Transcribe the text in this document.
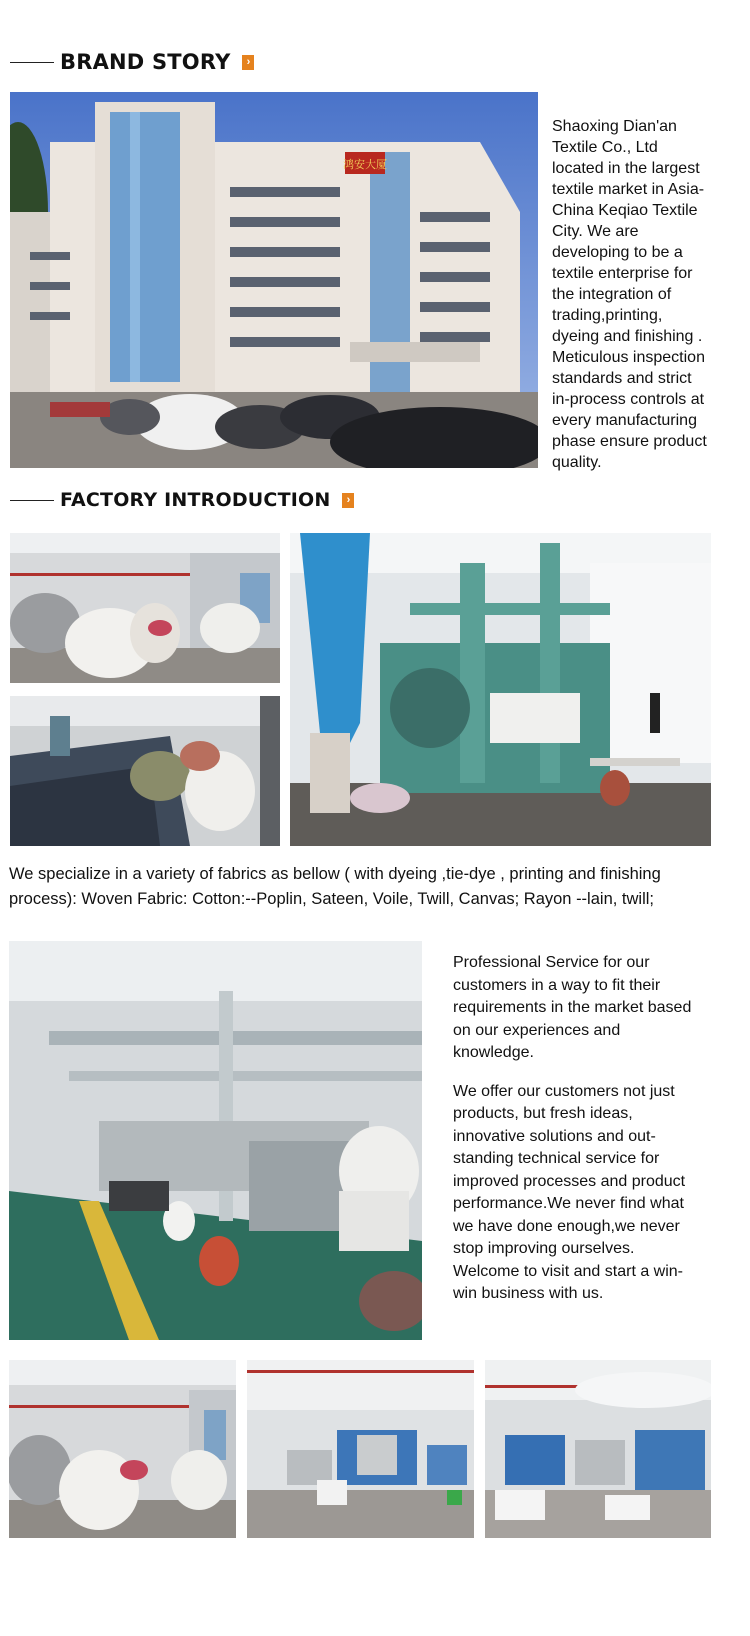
BRAND STORY ›
鸿安大厦

Shaoxing Dian'an Textile Co., Ltd located in the largest textile market in Asia-China Keqiao Textile City. We are developing to be a textile enterprise for the integration of trading,printing, dyeing and finishing . Meticulous inspection standards and strict in-process controls at every manufacturing phase ensure product quality.

FACTORY INTRODUCTION ›

We specialize in a variety of fabrics as bellow ( with dyeing ,tie-dye , printing and finishing process): Woven Fabric: Cotton:--Poplin, Sateen, Voile, Twill, Canvas; Rayon --lain, twill;

Professional Service for our customers in a way to fit their requirements in the market based on our experiences and knowledge.

We offer our customers not just products, but fresh ideas, innovative solutions and out-standing technical service for improved processes and product performance.We never find what we have done enough,we never stop improving ourselves. Welcome to visit and start a win-win business with us.
